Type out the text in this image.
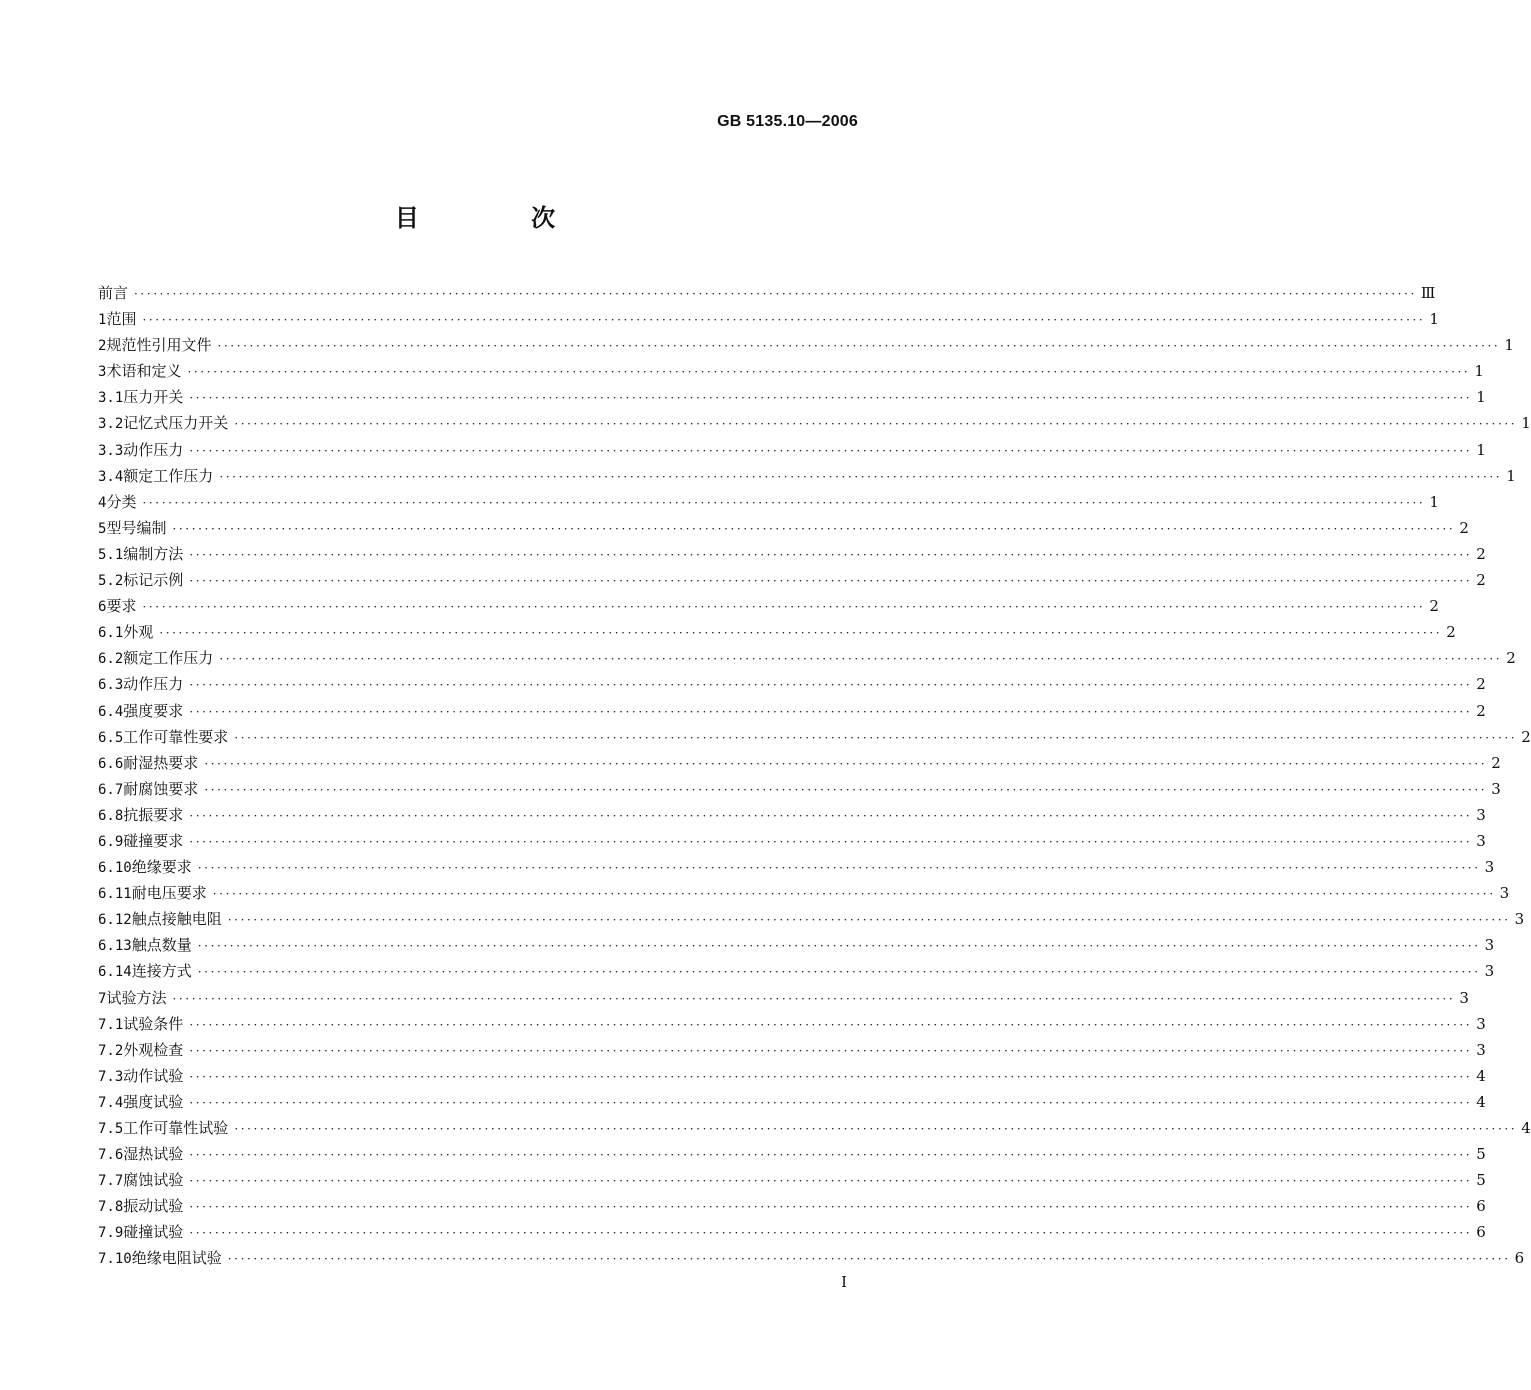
GB 5135.10—2006
目 次
前言 ········································································································································································································ Ⅲ
1 范围 ········································································································································································································ 1
2 规范性引用文件 ········································································································································································································ 1
3 术语和定义 ········································································································································································································ 1
3.1 压力开关 ········································································································································································································ 1
3.2 记忆式压力开关 ········································································································································································································ 1
3.3 动作压力 ········································································································································································································ 1
3.4 额定工作压力 ········································································································································································································ 1
4 分类 ········································································································································································································ 1
5 型号编制 ········································································································································································································ 2
5.1 编制方法 ········································································································································································································ 2
5.2 标记示例 ········································································································································································································ 2
6 要求 ········································································································································································································ 2
6.1 外观 ········································································································································································································ 2
6.2 额定工作压力 ········································································································································································································ 2
6.3 动作压力 ········································································································································································································ 2
6.4 强度要求 ········································································································································································································ 2
6.5 工作可靠性要求 ········································································································································································································ 2
6.6 耐湿热要求 ········································································································································································································ 2
6.7 耐腐蚀要求 ········································································································································································································ 3
6.8 抗振要求 ········································································································································································································ 3
6.9 碰撞要求 ········································································································································································································ 3
6.10 绝缘要求 ········································································································································································································ 3
6.11 耐电压要求 ········································································································································································································ 3
6.12 触点接触电阻 ········································································································································································································ 3
6.13 触点数量 ········································································································································································································ 3
6.14 连接方式 ········································································································································································································ 3
7 试验方法 ········································································································································································································ 3
7.1 试验条件 ········································································································································································································ 3
7.2 外观检查 ········································································································································································································ 3
7.3 动作试验 ········································································································································································································ 4
7.4 强度试验 ········································································································································································································ 4
7.5 工作可靠性试验 ········································································································································································································ 4
7.6 湿热试验 ········································································································································································································ 5
7.7 腐蚀试验 ········································································································································································································ 5
7.8 振动试验 ········································································································································································································ 6
7.9 碰撞试验 ········································································································································································································ 6
7.10 绝缘电阻试验 ········································································································································································································ 6
I
